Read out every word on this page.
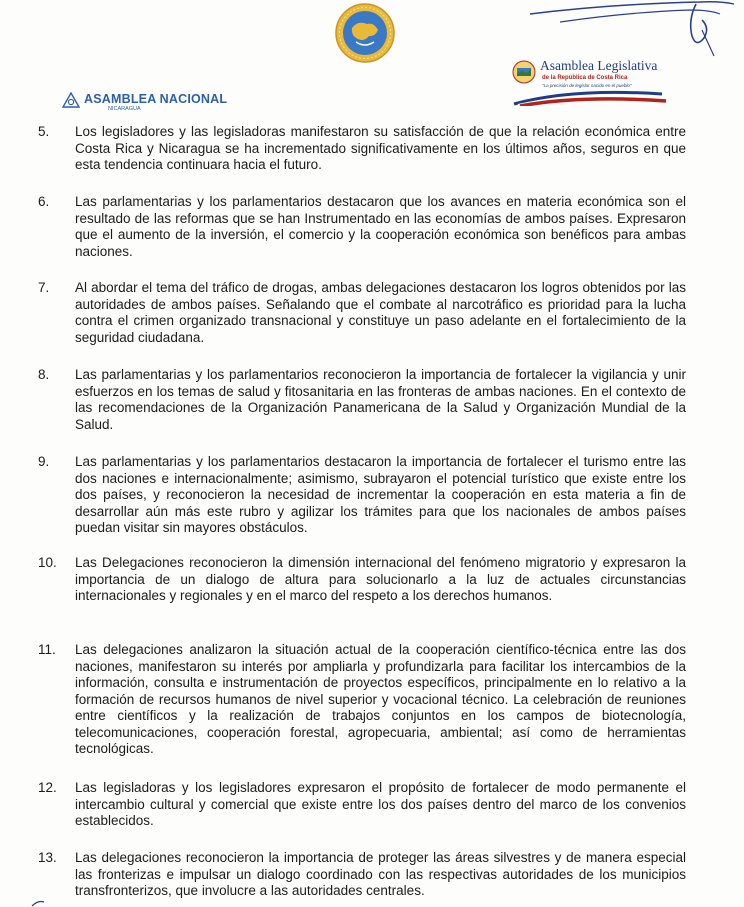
ASAMBLEA NACIONAL
NICARAGUA
Asamblea Legislativa
de la República de Costa Rica
"La precisión de legislar nacido en el pueblo"
5. Los legisladores y las legisladoras manifestaron su satisfacción de que la relación económica entre Costa Rica y Nicaragua se ha incrementado significativamente en los últimos años, seguros en que esta tendencia continuara hacia el futuro.

6. Las parlamentarias y los parlamentarios destacaron que los avances en materia económica son el resultado de las reformas que se han Instrumentado en las economías de ambos países. Expresaron que el aumento de la inversión, el comercio y la cooperación económica son benéficos para ambas naciones.

7. Al abordar el tema del tráfico de drogas, ambas delegaciones destacaron los logros obtenidos por las autoridades de ambos países. Señalando que el combate al narcotráfico es prioridad para la lucha contra el crimen organizado transnacional y constituye un paso adelante en el fortalecimiento de la seguridad ciudadana.

8. Las parlamentarias y los parlamentarios reconocieron la importancia de fortalecer la vigilancia y unir esfuerzos en los temas de salud y fitosanitaria en las fronteras de ambas naciones. En el contexto de las recomendaciones de la Organización Panamericana de la Salud y Organización Mundial de la Salud.

9. Las parlamentarias y los parlamentarios destacaron la importancia de fortalecer el turismo entre las dos naciones e internacionalmente; asimismo, subrayaron el potencial turístico que existe entre los dos países, y reconocieron la necesidad de incrementar la cooperación en esta materia a fin de desarrollar aún más este rubro y agilizar los trámites para que los nacionales de ambos países puedan visitar sin mayores obstáculos.

10. Las Delegaciones reconocieron la dimensión internacional del fenómeno migratorio y expresaron la importancia de un dialogo de altura para solucionarlo a la luz de actuales circunstancias internacionales y regionales y en el marco del respeto a los derechos humanos.

11. Las delegaciones analizaron la situación actual de la cooperación científico-técnica entre las dos naciones, manifestaron su interés por ampliarla y profundizarla para facilitar los intercambios de la información, consulta e instrumentación de proyectos específicos, principalmente en lo relativo a la formación de recursos humanos de nivel superior y vocacional técnico. La celebración de reuniones entre científicos y la realización de trabajos conjuntos en los campos de biotecnología, telecomunicaciones, cooperación forestal, agropecuaria, ambiental; así como de herramientas tecnológicas.

12. Las legisladoras y los legisladores expresaron el propósito de fortalecer de modo permanente el intercambio cultural y comercial que existe entre los dos países dentro del marco de los convenios establecidos.

13. Las delegaciones reconocieron la importancia de proteger las áreas silvestres y de manera especial las fronterizas e impulsar un dialogo coordinado con las respectivas autoridades de los municipios transfronterizos, que involucre a las autoridades centrales.
